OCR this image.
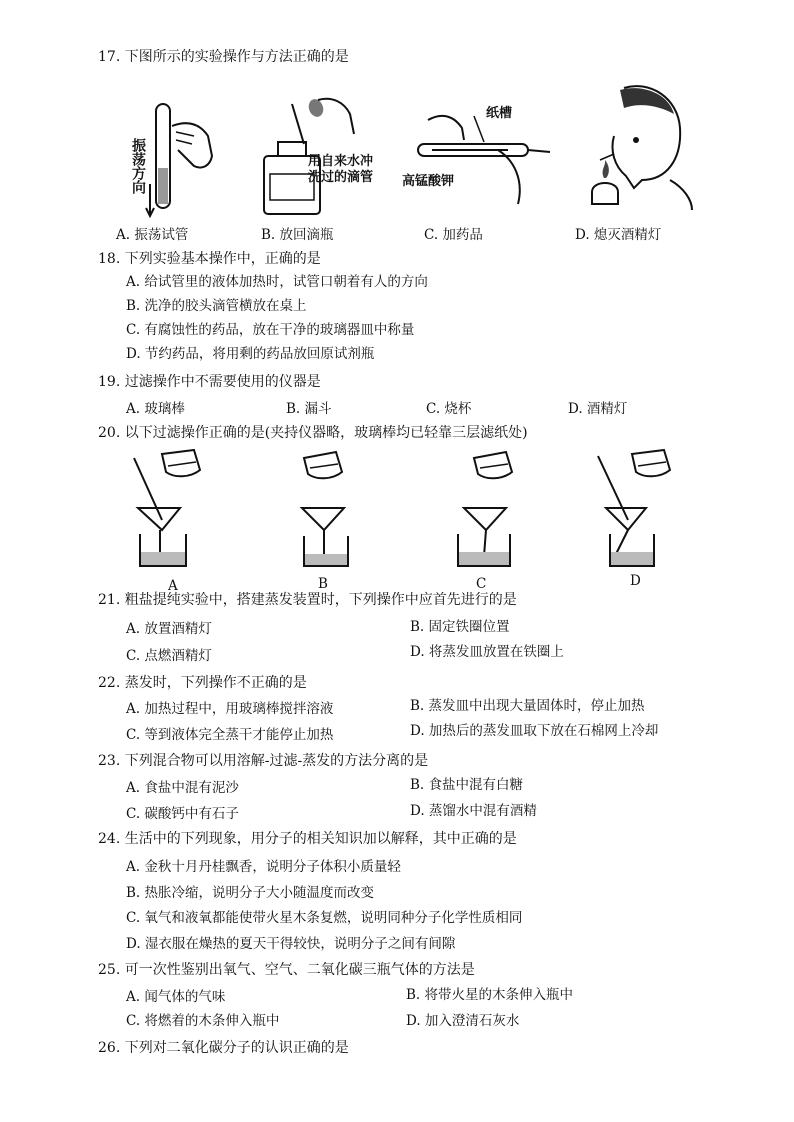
17. 下图所示的实验操作与方法正确的是
振荡方向	用自来水冲洗过的滴管
纸槽
高锰酸钾
A. 振荡试管	B. 放回滴瓶	C. 加药品	D. 熄灭酒精灯
18. 下列实验基本操作中，正确的是
A. 给试管里的液体加热时，试管口朝着有人的方向
B. 洗净的胶头滴管横放在桌上
C. 有腐蚀性的药品，放在干净的玻璃器皿中称量
D. 节约药品，将用剩的药品放回原试剂瓶
19. 过滤操作中不需要使用的仪器是
A. 玻璃棒	B. 漏斗	C. 烧杯	D. 酒精灯
20. 以下过滤操作正确的是(夹持仪器略，玻璃棒均已轻靠三层滤纸处)
A	B	C	D
21. 粗盐提纯实验中，搭建蒸发装置时，下列操作中应首先进行的是
A. 放置酒精灯	B. 固定铁圈位置
C. 点燃酒精灯	D. 将蒸发皿放置在铁圈上
22. 蒸发时，下列操作不正确的是
A. 加热过程中，用玻璃棒搅拌溶液	B. 蒸发皿中出现大量固体时，停止加热
C. 等到液体完全蒸干才能停止加热	D. 加热后的蒸发皿取下放在石棉网上冷却
23. 下列混合物可以用溶解-过滤-蒸发的方法分离的是
A. 食盐中混有泥沙	B. 食盐中混有白糖
C. 碳酸钙中有石子	D. 蒸馏水中混有酒精
24. 生活中的下列现象，用分子的相关知识加以解释，其中正确的是
A. 金秋十月丹桂飘香，说明分子体积小质量轻
B. 热胀冷缩，说明分子大小随温度而改变
C. 氧气和液氧都能使带火星木条复燃，说明同种分子化学性质相同
D. 湿衣服在燥热的夏天干得较快，说明分子之间有间隙
25. 可一次性鉴别出氧气、空气、二氧化碳三瓶气体的方法是
A. 闻气体的气味	B. 将带火星的木条伸入瓶中
C. 将燃着的木条伸入瓶中	D. 加入澄清石灰水
26. 下列对二氧化碳分子的认识正确的是
